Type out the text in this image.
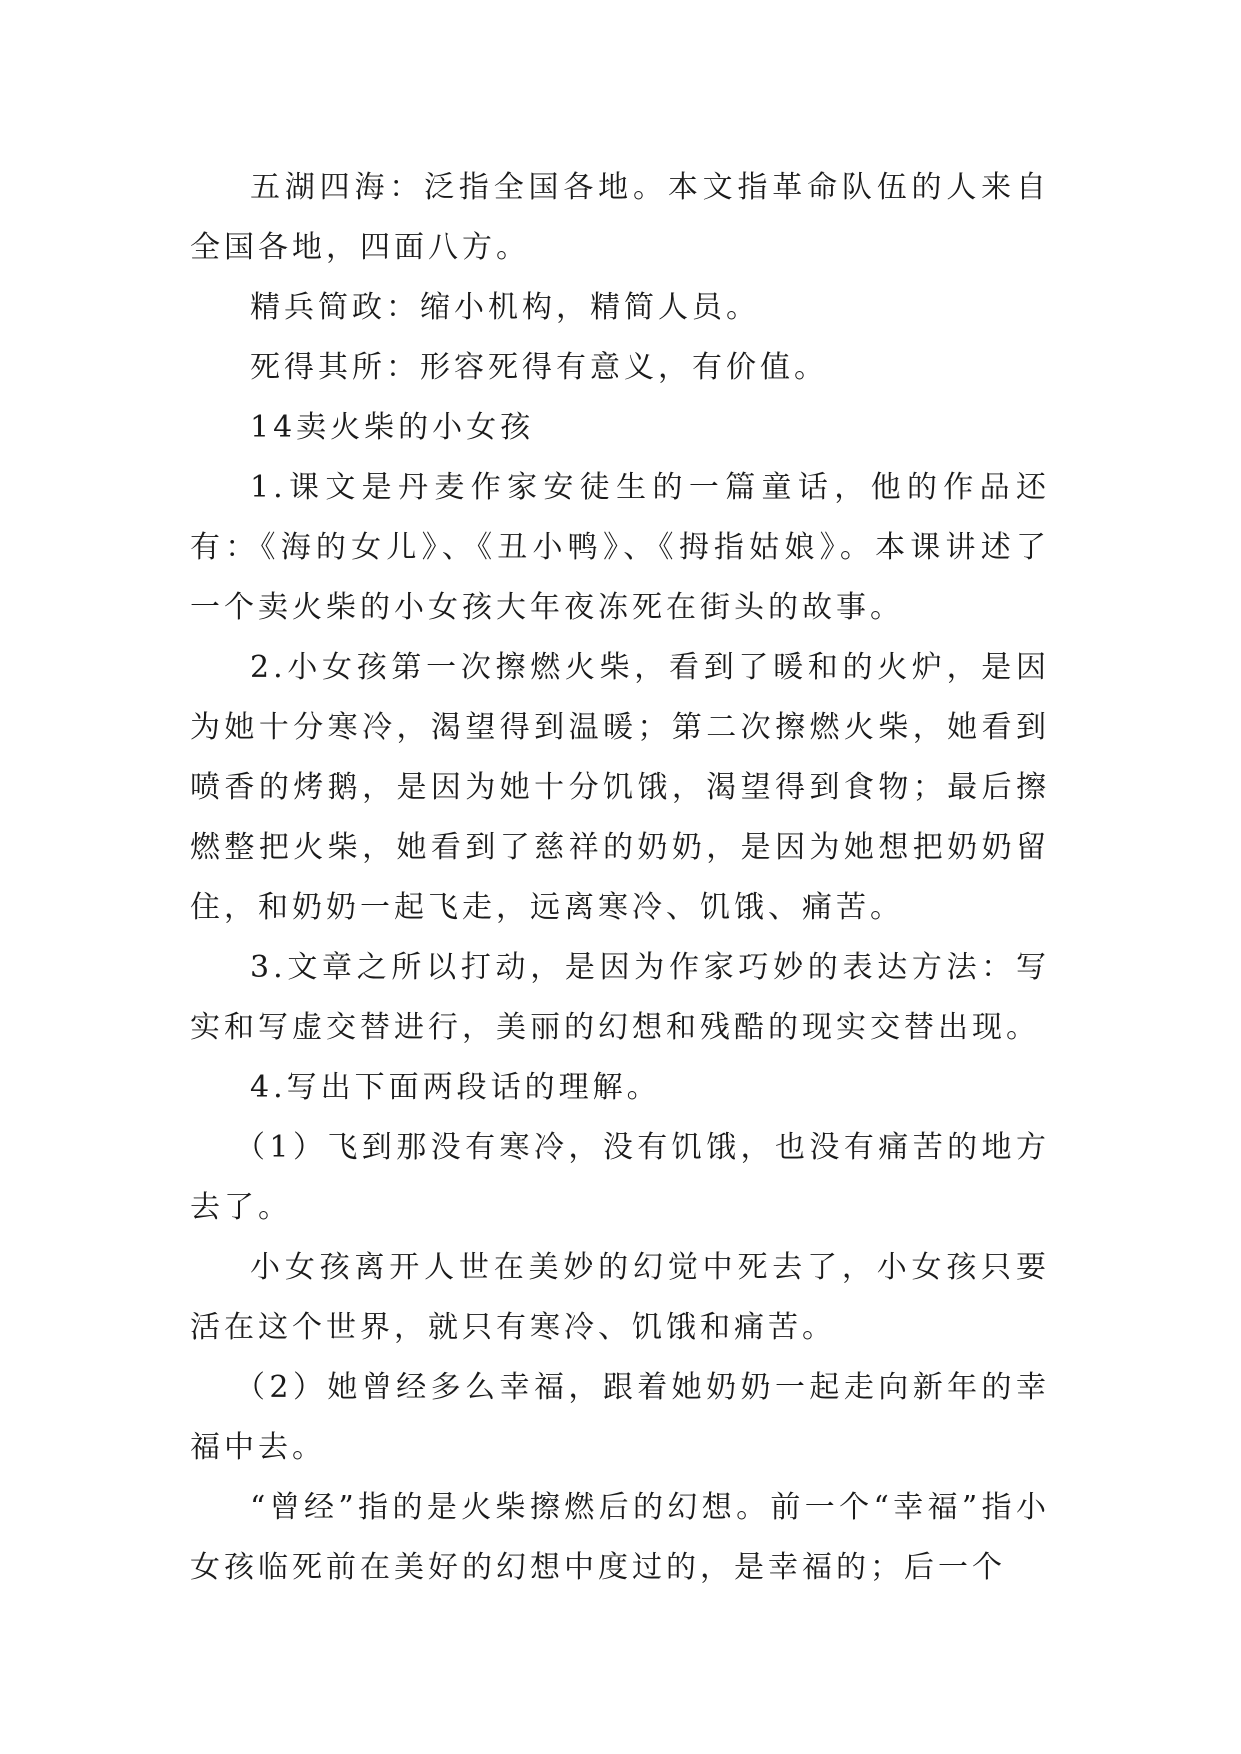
五湖四海：泛指全国各地。本文指革命队伍的人来自全国各地，四面八方。

精兵简政：缩小机构，精简人员。

死得其所：形容死得有意义，有价值。

14卖火柴的小女孩

1.课文是丹麦作家安徒生的一篇童话，他的作品还有：《海的女儿》、《丑小鸭》、《拇指姑娘》。本课讲述了一个卖火柴的小女孩大年夜冻死在街头的故事。

2.小女孩第一次擦燃火柴，看到了暖和的火炉，是因为她十分寒冷，渴望得到温暖；第二次擦燃火柴，她看到喷香的烤鹅，是因为她十分饥饿，渴望得到食物；最后擦燃整把火柴，她看到了慈祥的奶奶，是因为她想把奶奶留住，和奶奶一起飞走，远离寒冷、饥饿、痛苦。

3.文章之所以打动，是因为作家巧妙的表达方法：写实和写虚交替进行，美丽的幻想和残酷的现实交替出现。

4.写出下面两段话的理解。

（1）飞到那没有寒冷，没有饥饿，也没有痛苦的地方去了。

小女孩离开人世在美妙的幻觉中死去了，小女孩只要活在这个世界，就只有寒冷、饥饿和痛苦。

（2）她曾经多么幸福，跟着她奶奶一起走向新年的幸福中去。

“曾经”指的是火柴擦燃后的幻想。前一个“幸福”指小女孩临死前在美好的幻想中度过的，是幸福的；后一个
